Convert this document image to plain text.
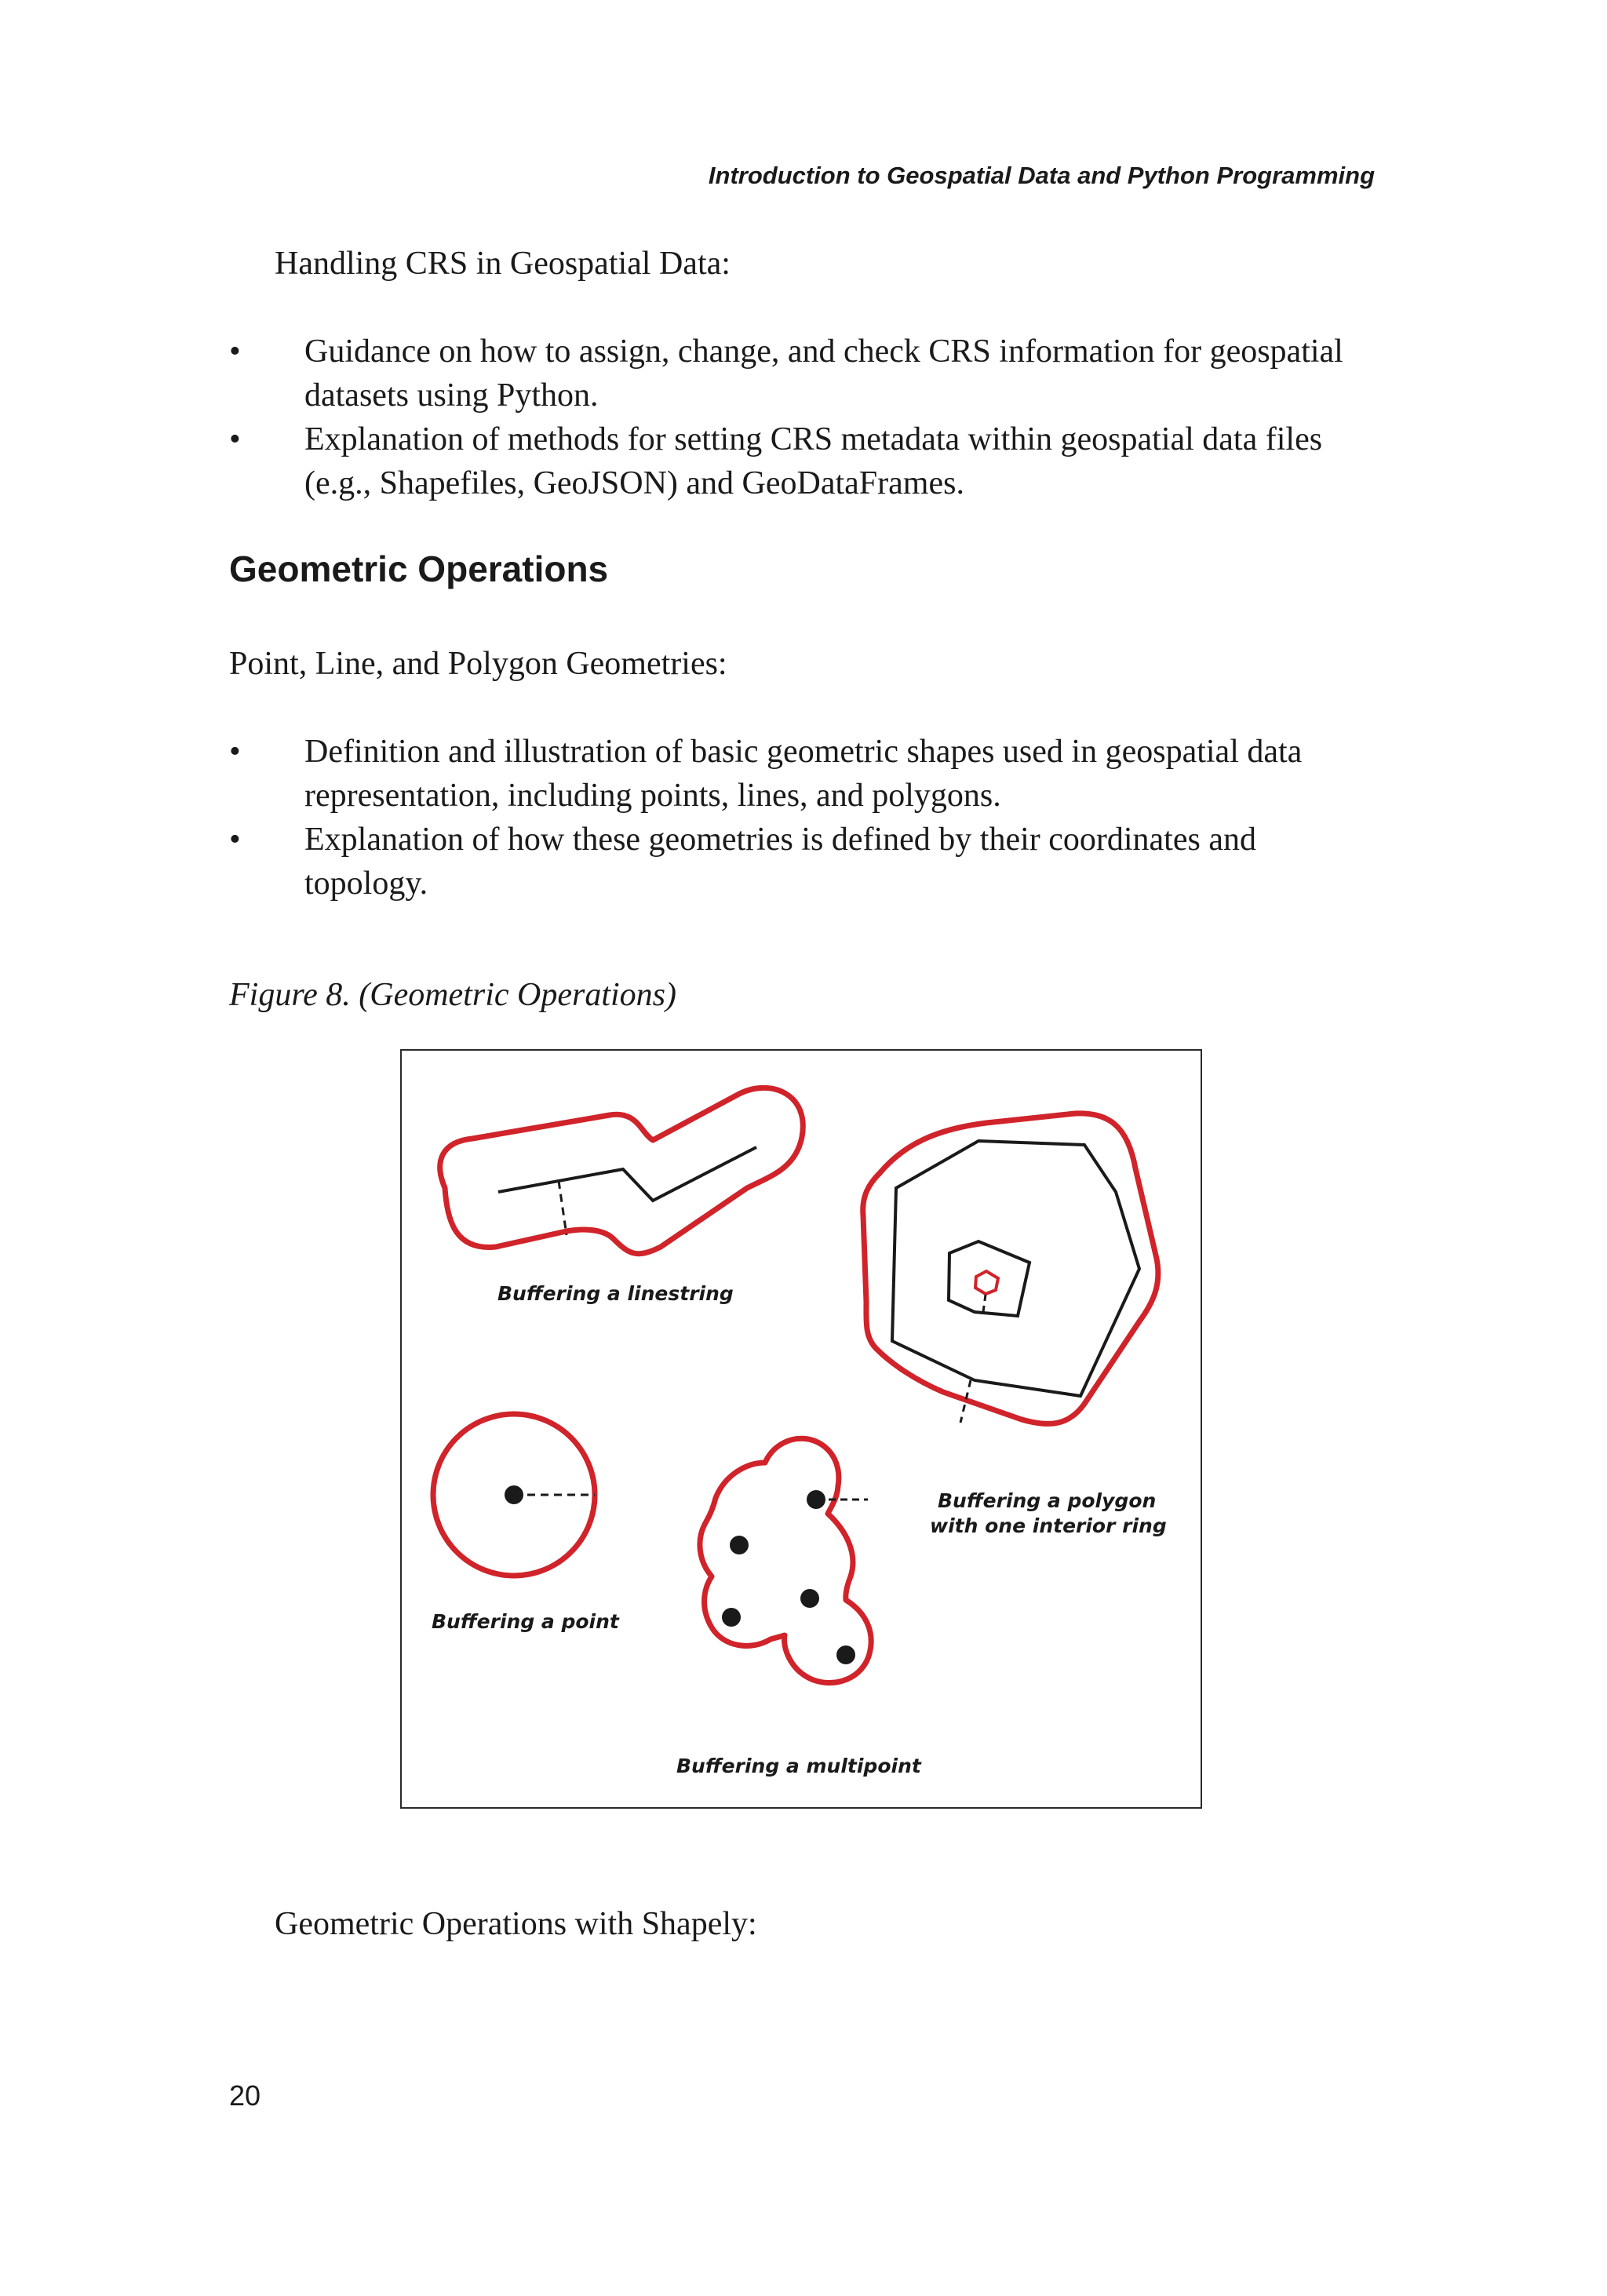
Introduction to Geospatial Data and Python Programming
Handling CRS in Geospatial Data:
•	Guidance on how to assign, change, and check CRS information for geospatial
datasets using Python.
•	Explanation of methods for setting CRS metadata within geospatial data files
(e.g., Shapefiles, GeoJSON) and GeoDataFrames.
Geometric Operations
Point, Line, and Polygon Geometries:
•	Definition and illustration of basic geometric shapes used in geospatial data
representation, including points, lines, and polygons.
•	Explanation of how these geometries is defined by their coordinates and
topology.
Figure 8. (Geometric Operations)
Buffering a linestring
Buffering a polygon
with one interior ring
Buffering a point
Buffering a multipoint
Geometric Operations with Shapely:
20
